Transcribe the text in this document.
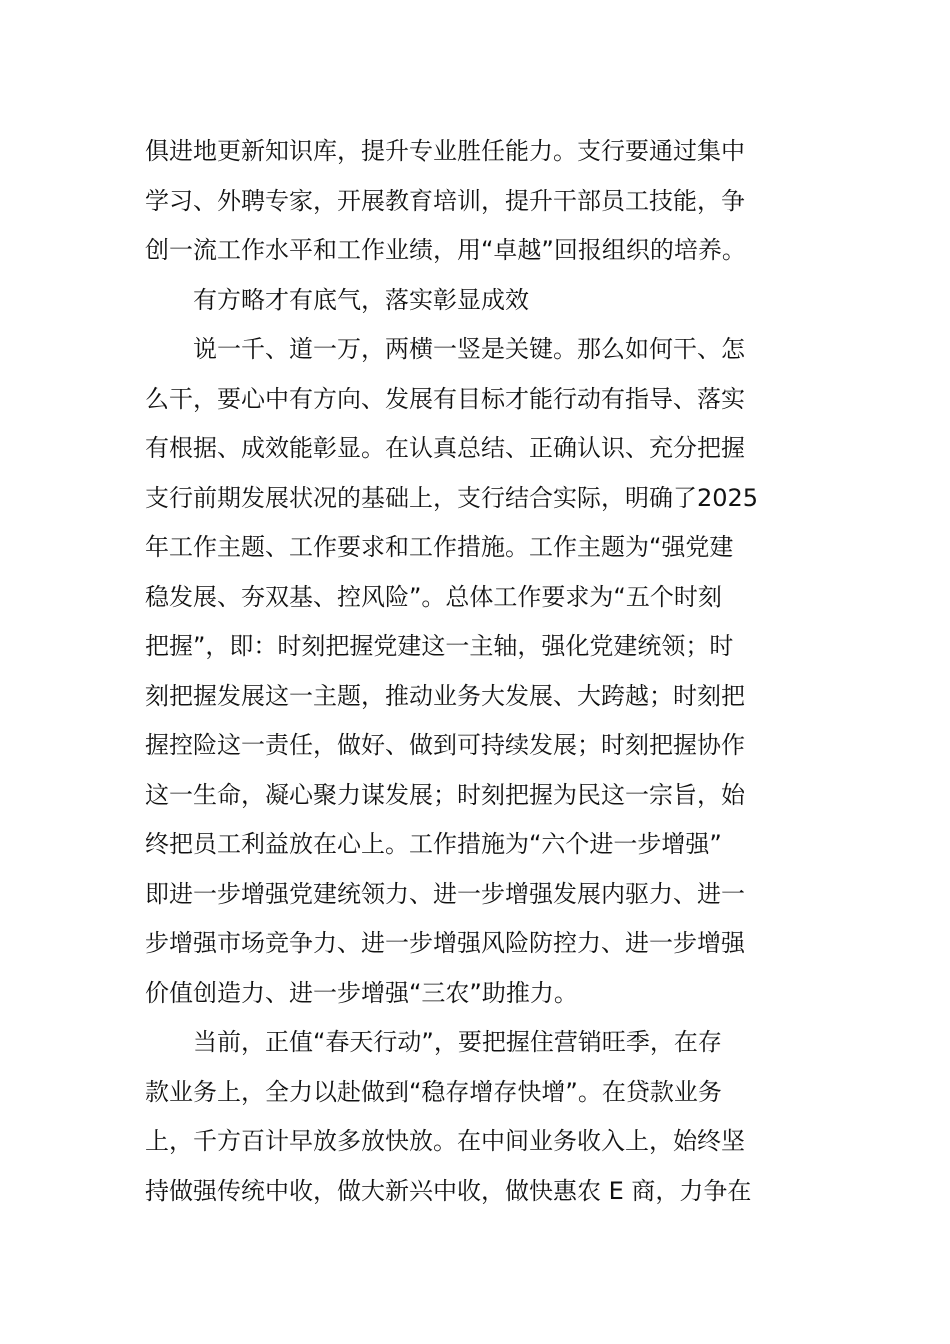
俱进地更新知识库，提升专业胜任能力。支行要通过集中
学习、外聘专家，开展教育培训，提升干部员工技能，争
创一流工作水平和工作业绩，用“卓越”回报组织的培养。
有方略才有底气，落实彰显成效
说一千、道一万，两横一竖是关键。那么如何干、怎
么干，要心中有方向、发展有目标才能行动有指导、落实
有根据、成效能彰显。在认真总结、正确认识、充分把握
支行前期发展状况的基础上，支行结合实际，明确了2025
年工作主题、工作要求和工作措施。工作主题为“强党建
稳发展、夯双基、控风险”。总体工作要求为“五个时刻
把握”，即：时刻把握党建这一主轴，强化党建统领；时
刻把握发展这一主题，推动业务大发展、大跨越；时刻把
握控险这一责任，做好、做到可持续发展；时刻把握协作
这一生命，凝心聚力谋发展；时刻把握为民这一宗旨，始
终把员工利益放在心上。工作措施为“六个进一步增强”
即进一步增强党建统领力、进一步增强发展内驱力、进一
步增强市场竞争力、进一步增强风险防控力、进一步增强
价值创造力、进一步增强“三农”助推力。
当前，正值“春天行动”，要把握住营销旺季，在存
款业务上，全力以赴做到“稳存增存快增”。在贷款业务
上，千方百计早放多放快放。在中间业务收入上，始终坚
持做强传统中收，做大新兴中收，做快惠农 E 商，力争在
